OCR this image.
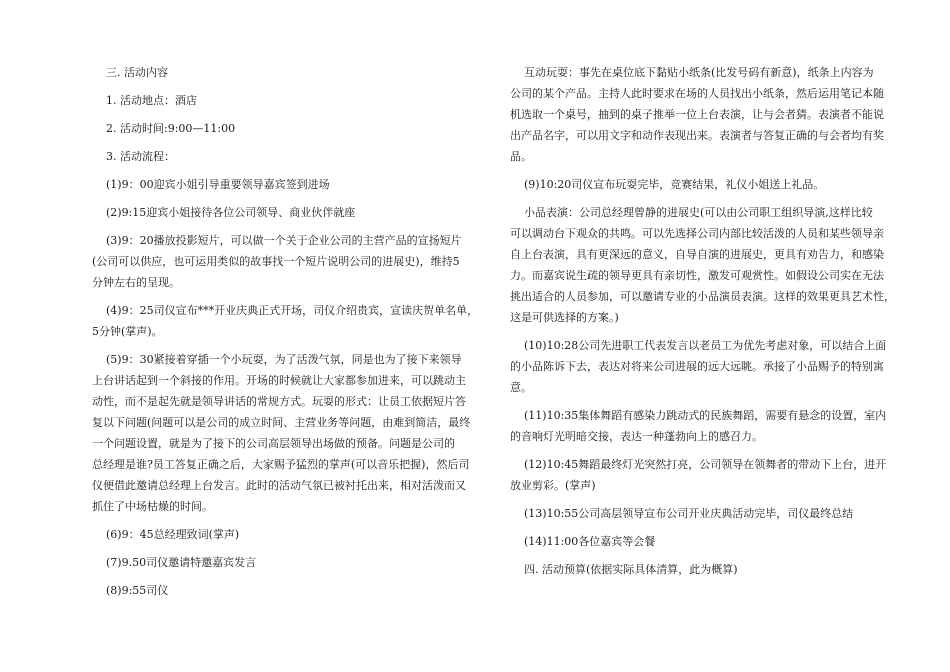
三. 活动内容
1. 活动地点：酒店
2. 活动时间:9:00—11:00
3. 活动流程：
(1)9：00迎宾小姐引导重要领导嘉宾签到进场
(2)9:15迎宾小姐接待各位公司领导、商业伙伴就座
(3)9：20播放投影短片，可以做一个关于企业公司的主营产品的宣扬短片
(公司可以供应，也可运用类似的故事找一个短片说明公司的进展史)，维持5
分钟左右的呈现。
(4)9：25司仪宣布***开业庆典正式开场，司仪介绍贵宾，宣读庆贺单名单，
5分钟(掌声)。
(5)9：30紧接着穿插一个小玩耍，为了活泼气氛，同是也为了接下来领导
上台讲话起到一个斜接的作用。开场的时候就让大家都参加进来，可以跳动主
动性，而不是起先就是领导讲话的常规方式。玩耍的形式：让员工依据短片答
复以下问题(问题可以是公司的成立时间、主营业务等问题，由难到简洁，最终
一个问题设置，就是为了接下的公司高层领导出场做的预备。问题是公司的
总经理是谁?员工答复正确之后，大家赐予猛烈的掌声(可以音乐把握)，然后司
仪便借此邀请总经理上台发言。此时的活动气氛已被衬托出来，相对活泼而又
抓住了中场枯燥的时间。
(6)9：45总经理致词(掌声)
(7)9.50司仪邀请特邀嘉宾发言
(8)9:55司仪
互动玩耍：事先在桌位底下黏贴小纸条(比发号码有新意)，纸条上内容为
公司的某个产品。主持人此时要求在场的人员找出小纸条，然后运用笔记本随
机选取一个桌号，抽到的桌子推举一位上台表演，让与会者猜。表演者不能说
出产品名字，可以用文字和动作表现出来。表演者与答复正确的与会者均有奖
品。
(9)10:20司仪宣布玩耍完毕，竞赛结果，礼仪小姐送上礼品。
小品表演：公司总经理曾静的进展史(可以由公司职工组织导演,这样比较
可以调动台下观众的共鸣。可以先选择公司内部比较活泼的人员和某些领导亲
自上台表演，具有更深远的意义，自导自演的进展史，更具有劝告力，和感染
力。而嘉宾说生疏的领导更具有亲切性，激发可观赏性。如假设公司实在无法
挑出适合的人员参加，可以邀请专业的小品演员表演。这样的效果更具艺术性，
这是可供选择的方案。)
(10)10:28公司先进职工代表发言以老员工为优先考虑对象，可以结合上面
的小品陈诉下去，表达对将来公司进展的远大远眺。承接了小品赐予的特别寓
意。
(11)10:35集体舞蹈有感染力跳动式的民族舞蹈，需要有悬念的设置，室内
的音响灯光明暗交接，表达一种蓬勃向上的感召力。
(12)10:45舞蹈最终灯光突然打亮，公司领导在领舞者的带动下上台，进开
放业剪彩。(掌声)
(13)10:55公司高层领导宣布公司开业庆典活动完毕，司仪最终总结
(14)11:00各位嘉宾等会餐
四. 活动预算(依据实际具体清算，此为概算)
